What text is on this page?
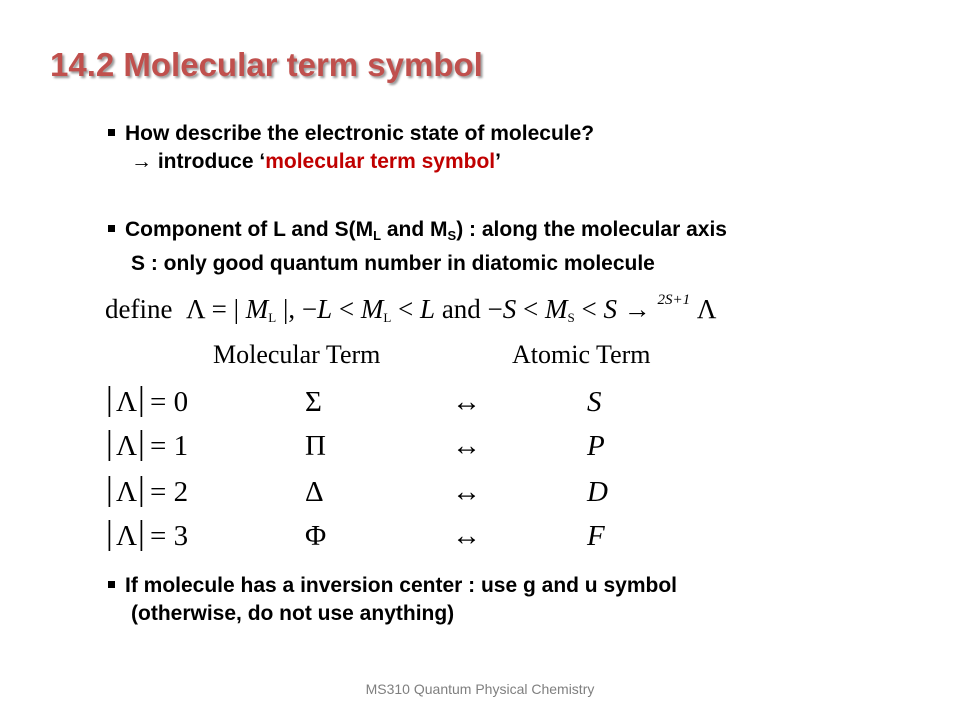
14.2 Molecular term symbol
How describe the electronic state of molecule?
→ introduce ‘molecular term symbol’
Component of L and $S(M_L$ and $M_S$) : along the molecular axis
S : only good quantum number in diatomic molecule
define Λ = | $M_L$ |, $-L < M_L < L$ and $-S < M_S < S \to ^{2S+1}$ Λ
Molecular Term	Atomic Term
| Λ | = 0	Σ	↔	S
| Λ | = 1	Π	↔	P
| Λ | = 2	Δ	↔	D
| Λ | = 3	Φ	↔	F
If molecule has a inversion center : use g and u symbol
(otherwise, do not use anything)
MS310 Quantum Physical Chemistry
